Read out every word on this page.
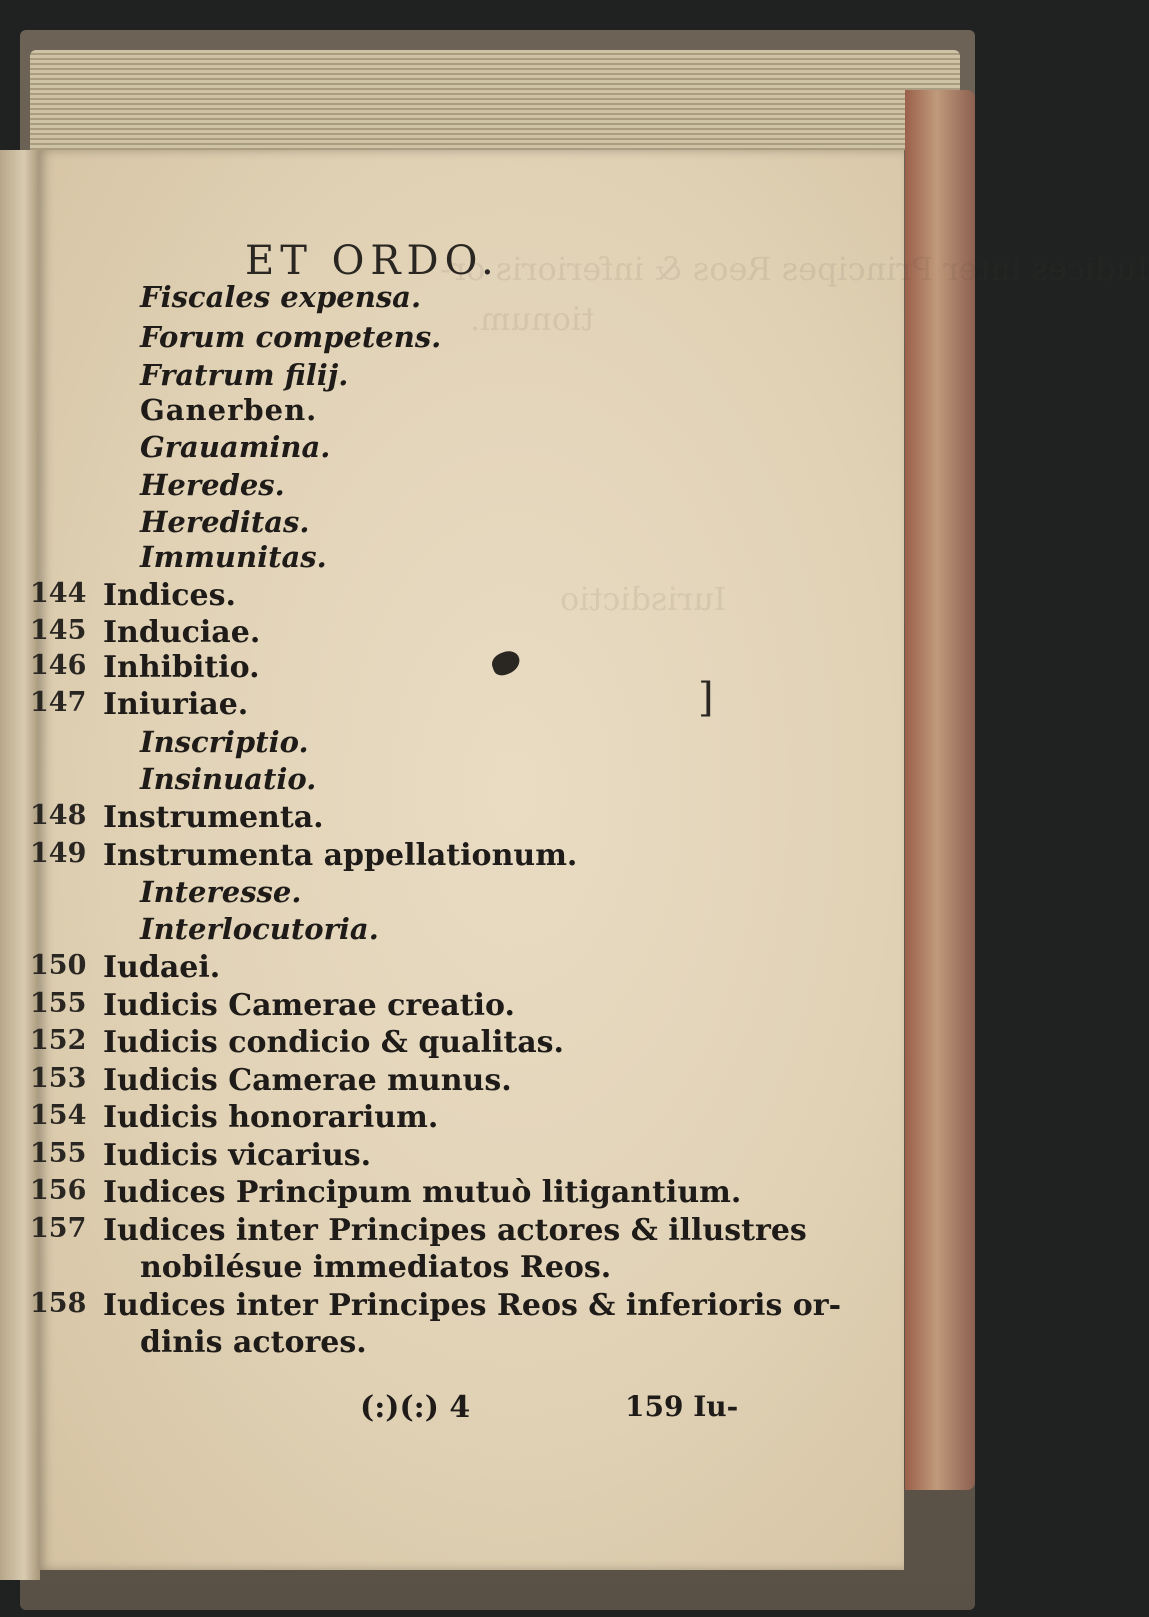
Iudices inter Principes Reos & inferioris or-
tionum.
Iurisdictio
ET ORDO.
]
Fiscales expensa.
Forum competens.
Fratrum filij.
Ganerben.
Grauamina.
Heredes.
Hereditas.
Immunitas.
144 Indices.
145 Induciae.
146 Inhibitio.
147 Iniuriae.
Inscriptio.
Insinuatio.
148 Instrumenta.
149 Instrumenta appellationum.
Interesse.
Interlocutoria.
150 Iudaei.
155 Iudicis Camerae creatio.
152 Iudicis condicio & qualitas.
153 Iudicis Camerae munus.
154 Iudicis honorarium.
155 Iudicis vicarius.
156 Iudices Principum mutuò litigantium.
157 Iudices inter Principes actores & illustres
158 Iudices inter Principes Reos & inferioris or-
nobilésue immediatos Reos.
dinis actores.
(:)(:) 4	159 Iu-
